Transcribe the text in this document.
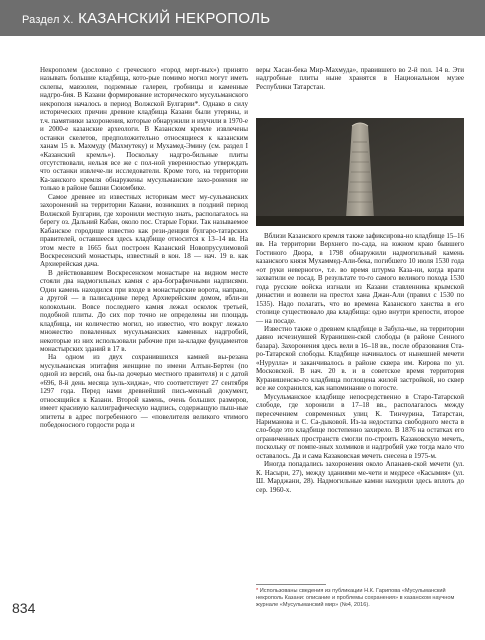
Раздел X. КАЗАНСКИЙ НЕКРОПОЛЬ

Некрополем (дословно с греческого «город мерт-вых») принято называть большие кладбища, кото-рые помимо могил могут иметь склепы, мавзолеи, подземные галереи, гробницы и каменные надгро-бия. В Казани формирование исторического мусульманского некрополя началось в период Волжской Булгарии*. Однако в силу исторических причин древние кладбища Казани были утеряны, и т.ч. памятники захоронения, которые обнаружили и изучили в 1970-е и 2000-е казанские археологи. В Казанском кремле извлечены останки скелетов, предположительно относящиеся к казанским ханам 15 в. Махмуду (Махмутеку) и Мухамед-Эмину (см. раздел I «Казанский кремль»). Поскольку надгро-бильные плиты отсутствовали, нельзя все же с пол-ной уверенностью утверждать что останки извлече-ли исследователи. Кроме того, на территории Ка-занского кремля обнаружены мусульманские захо-ронения не только в районе башни Сююмбике.

Самое древнее из известных историкам мест му-сульманских захоронений на территории Казани, возникших в поздний период Волжской Булгарии, где хоронили местную знать, располагалось на берегу оз. Дальний Кабан, около пос. Старые Горки. Так называемое Кабанское городище известно как рези-денция булгаро-татарских правителей, оставшееся здесь кладбище относится к 13–14 вв. На этом месте в 1665 был построен Казанский Новопрусулимовой Воскресенский монастырь, известный в кон. 18 — нач. 19 в. как Архиерейская дача.

В действовавшем Воскресенском монастыре на видном месте стояли два надмогильных камня с ара-бографичными надписями. Один камень находился при входе в монастырские ворота, направо, а другой — в палисаднике перед Архиерейским домом, вбли-зи колокольни. Вовсе последнего камня лежал осколок третьей, подобной плиты. До сих пор точно не определены ни площадь кладбища, ни количество могил, но известно, что вокруг лежало множество поваленных мусульманских каменных надгробий, некоторые из них использовали рабочие при за-кладке фундаментов монастырских зданий в 17 в.

На одном из двух сохранившихся камней вы-резана мусульманская эпитафия женщине по имени Алтын-Бертен (по одной из версий, она бы-ла дочерью местного правителя) и с датой «696, 8-й день месяца зуль-хиджа», что соответствует 27 сентября 1297 года. Перед нами древнейший пись-менный документ, относящийся к Казани. Второй камень, очень больших размеров, имеет красивую каллиграфическую надпись, содержащую пыш-ные эпитеты в адрес погребенного — «повелителя великого чтимого победоносного гордости рода и

веры Хасан-бека Мир-Махмуда», правившего во 2-й пол. 14 в. Эти надгробные плиты ныне хранятся в Национальном музее Республики Татарстан.

Вблизи Казанского кремля также зафиксирова-но кладбище 15–16 вв. На территории Верхнего по-сада, на южном краю бывшего Гостиного Двора, в 1798 обнаружили надмогильный камень казанского князя Мухаммед-Али-бека, погибшего 10 июля 1530 года «от руки неверного», т.е. во время штурма Каза-ни, когда враги захватили ее посад. В результате то-го самого великого похода 1530 года русские войска изгнали из Казани ставленника крымской династии и возвели на престол хана Джан-Али (правил с 1530 по 1535). Надо полагать, что во времена Казанского ханства в его столице существовало два кладбища: одно внутри крепости, второе — на посаде.

Известно также о древнем кладбище в Забула-чье, на территории давно исчезнувшей Куранишен-ской слободы (в районе Сенного базара). Захоронения здесь вели в 16–18 вв., после образования Ста-ро-Татарской слободы. Кладбище начиналось от нынешней мечети «Нурулла» и заканчивалось в районе сквера им. Кирова по ул. Московской. В нач. 20 в. и в советское время территория Куранишенско-го кладбища поглощена жилой застройкой, но сквер все же сохранился, как напоминание о погосте.

Мусульманское кладбище непосредственно в Старо-Татарской слободе, где хоронили в 17–18 вв., располагалось между пересечением современных улиц К. Тинчурина, Татарстан, Наримaнова и С. Са-дыковой. Из-за недостатка свободного места в сло-боде это кладбище постепенно захирело. В 1876 на остатках его ограниченных пространств смогли по-строить Казаковскую мечеть, поскольку от помпе-зных холмиков и надгробий уже тогда мало что оставалось. Да и сама Казаковская мечеть снесена в 1975-м.

Иногда попадались захоронения около Апанаев-ской мечети (ул. К. Насыри, 27), между зданиями ме-чети и медресе «Касымия» (ул. Ш. Марджани, 28). Надмогильные камни находили здесь вплоть до сер. 1960-х.

* Использованы сведения из публикации Н.К. Гарипова «Мусульманский некрополь Казани: описание и проблемы сохранения» в казанском научном журнале «Мусульманский мир» (№4, 2016).
834
